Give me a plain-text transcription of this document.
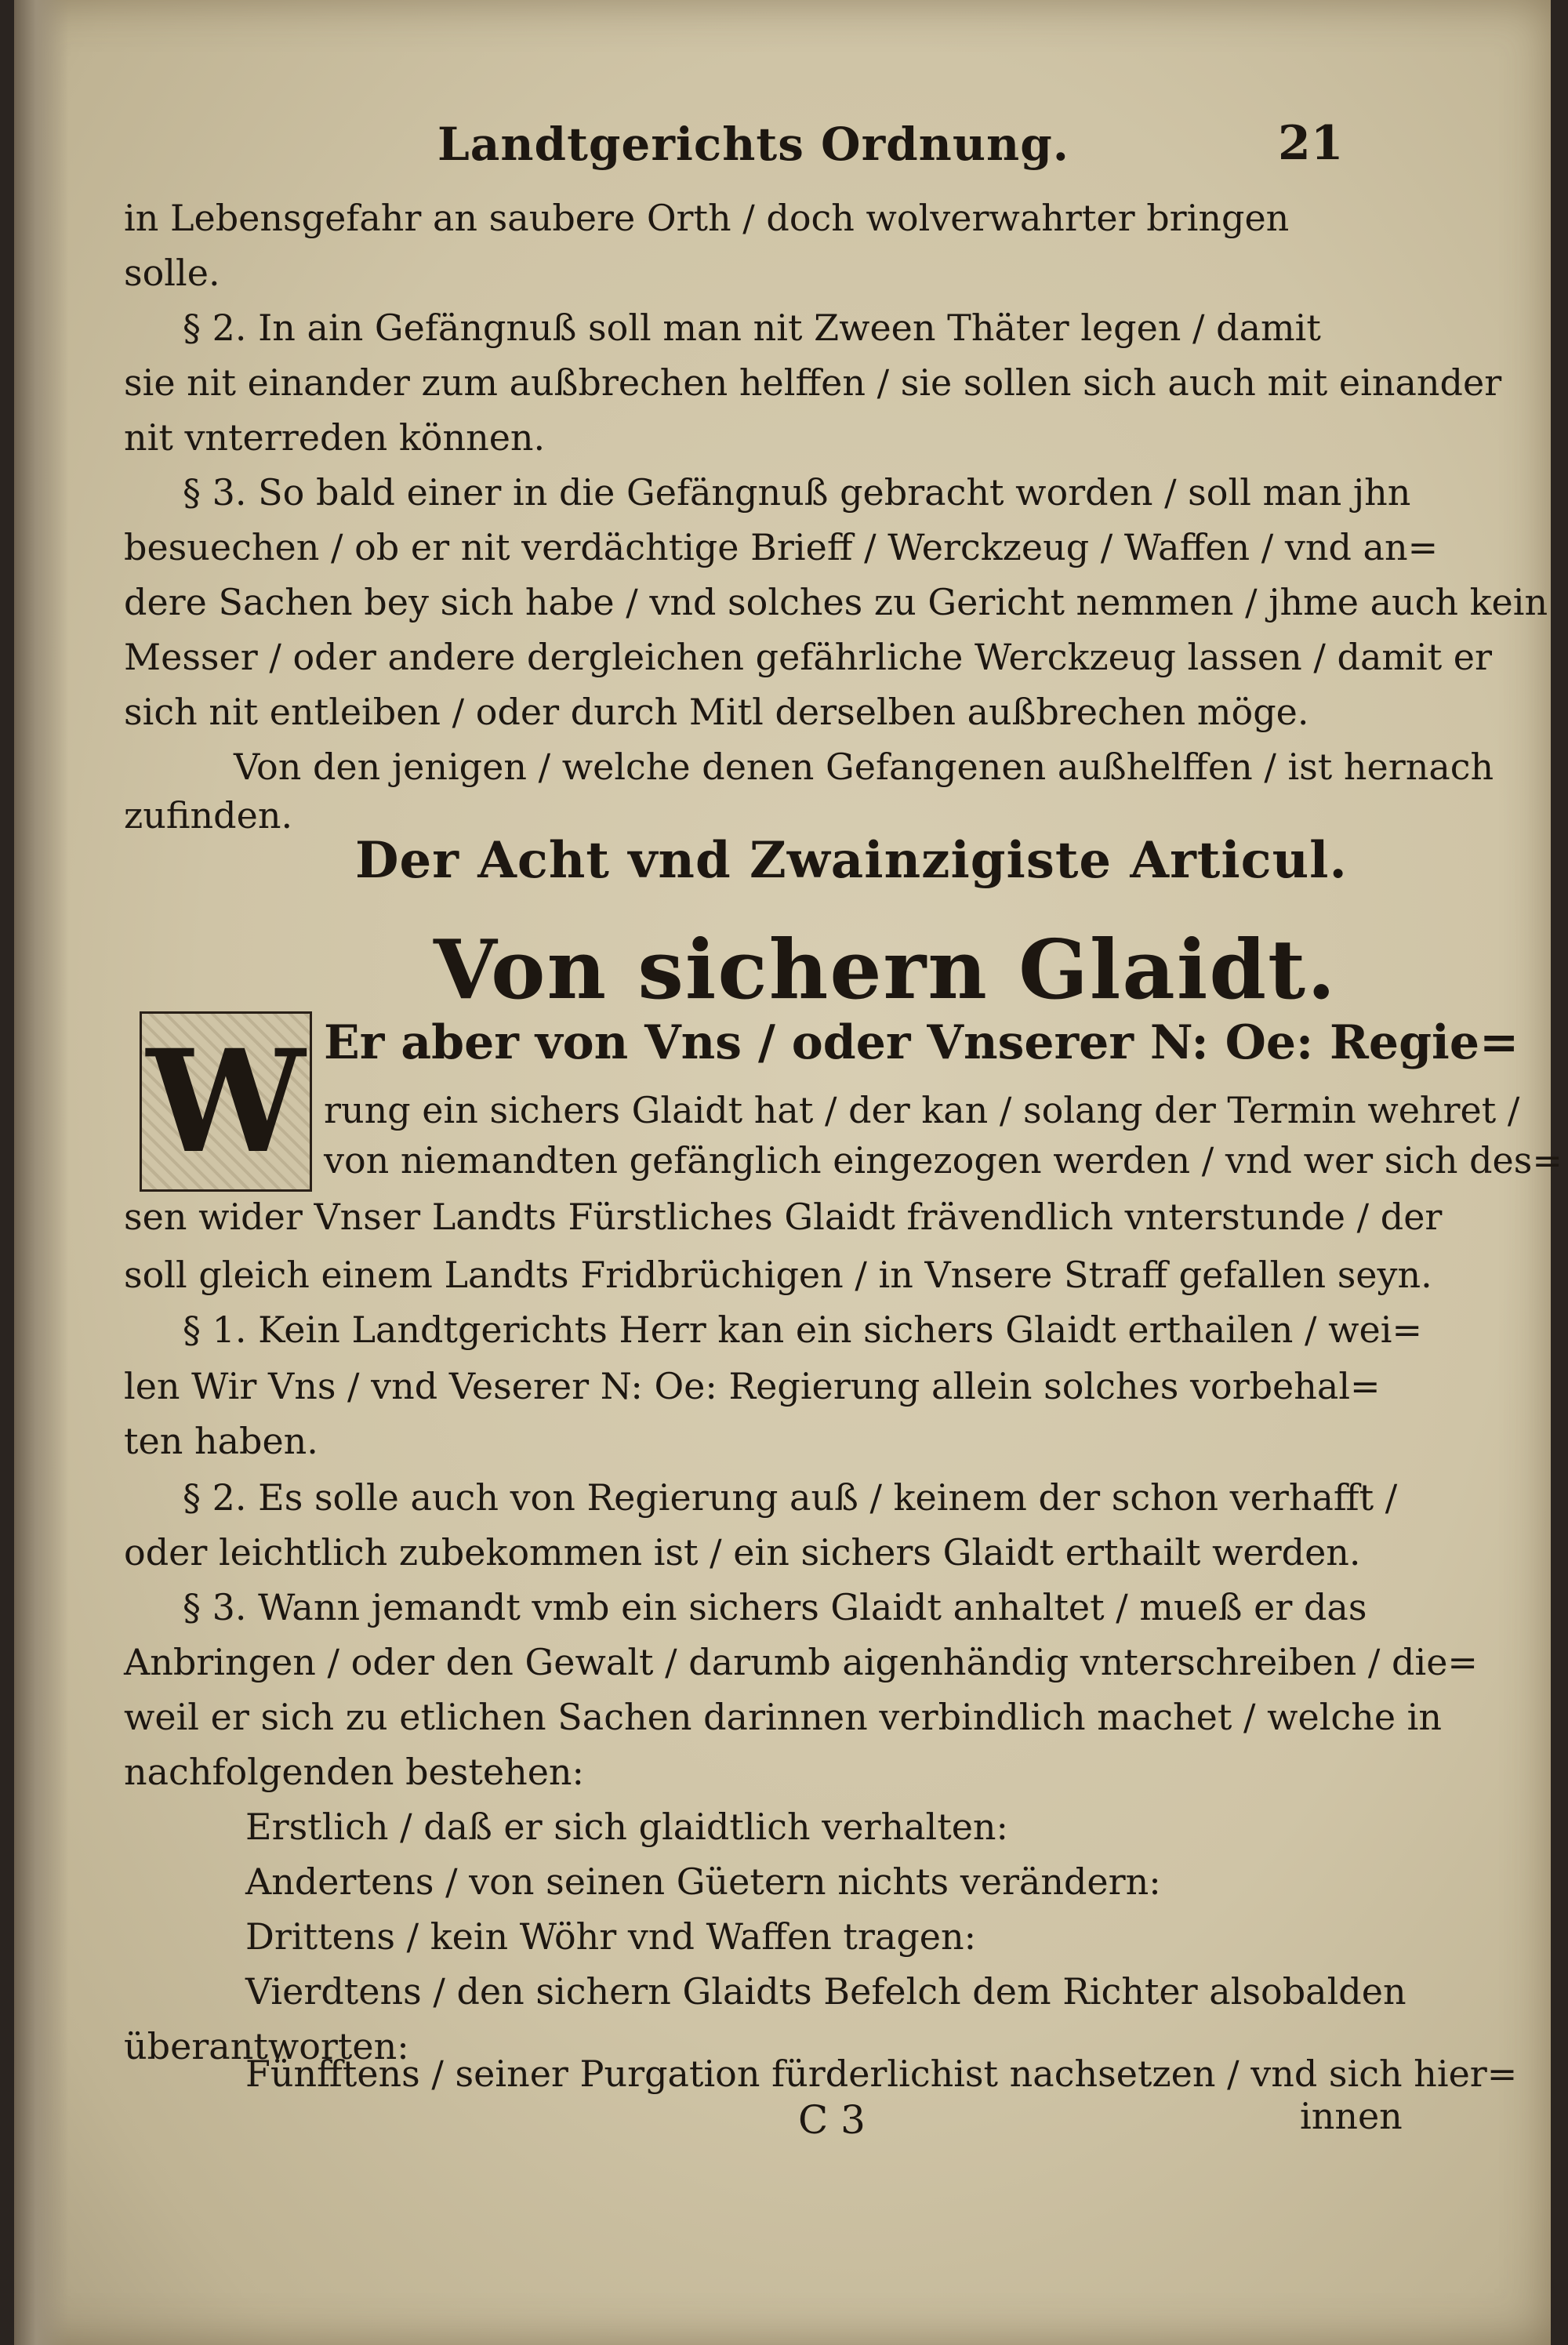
Landtgerichts Ordnung.	21
in Lebensgefahr an saubere Orth / doch wolverwahrter bringen
solle.
§ 2. In ain Gefängnuß soll man nit Zween Thäter legen / damit
sie nit einander zum außbrechen helffen / sie sollen sich auch mit einander
nit vnterreden können.
§ 3. So bald einer in die Gefängnuß gebracht worden / soll man jhn
besuechen / ob er nit verdächtige Brieff / Werckzeug / Waffen / vnd an=
dere Sachen bey sich habe / vnd solches zu Gericht nemmen / jhme auch kein
Messer / oder andere dergleichen gefährliche Werckzeug lassen / damit er
sich nit entleiben / oder durch Mitl derselben außbrechen möge.
Von den jenigen / welche denen Gefangenen außhelffen / ist hernach
zufinden.
Der Acht vnd Zwainzigiste Articul.
Von sichern Glaidt.
W Er aber von Vns / oder Vnserer N: Oe: Regie=
rung ein sichers Glaidt hat / der kan / solang der Termin wehret /
von niemandten gefänglich eingezogen werden / vnd wer sich des=
sen wider Vnser Landts Fürstliches Glaidt frävendlich vnterstunde / der
soll gleich einem Landts Fridbrüchigen / in Vnsere Straff gefallen seyn.
§ 1. Kein Landtgerichts Herr kan ein sichers Glaidt erthailen / wei=
len Wir Vns / vnd Veserer N: Oe: Regierung allein solches vorbehal=
ten haben.
§ 2. Es solle auch von Regierung auß / keinem der schon verhafft /
oder leichtlich zubekommen ist / ein sichers Glaidt erthailt werden.
§ 3. Wann jemandt vmb ein sichers Glaidt anhaltet / mueß er das
Anbringen / oder den Gewalt / darumb aigenhändig vnterschreiben / die=
weil er sich zu etlichen Sachen darinnen verbindlich machet / welche in
nachfolgenden bestehen:
Erstlich / daß er sich glaidtlich verhalten:
Andertens / von seinen Güetern nichts verändern:
Drittens / kein Wöhr vnd Waffen tragen:
Vierdtens / den sichern Glaidts Befelch dem Richter alsobalden
überantworten:
Fünfftens / seiner Purgation fürderlichist nachsetzen / vnd sich hier=
C 3	innen
